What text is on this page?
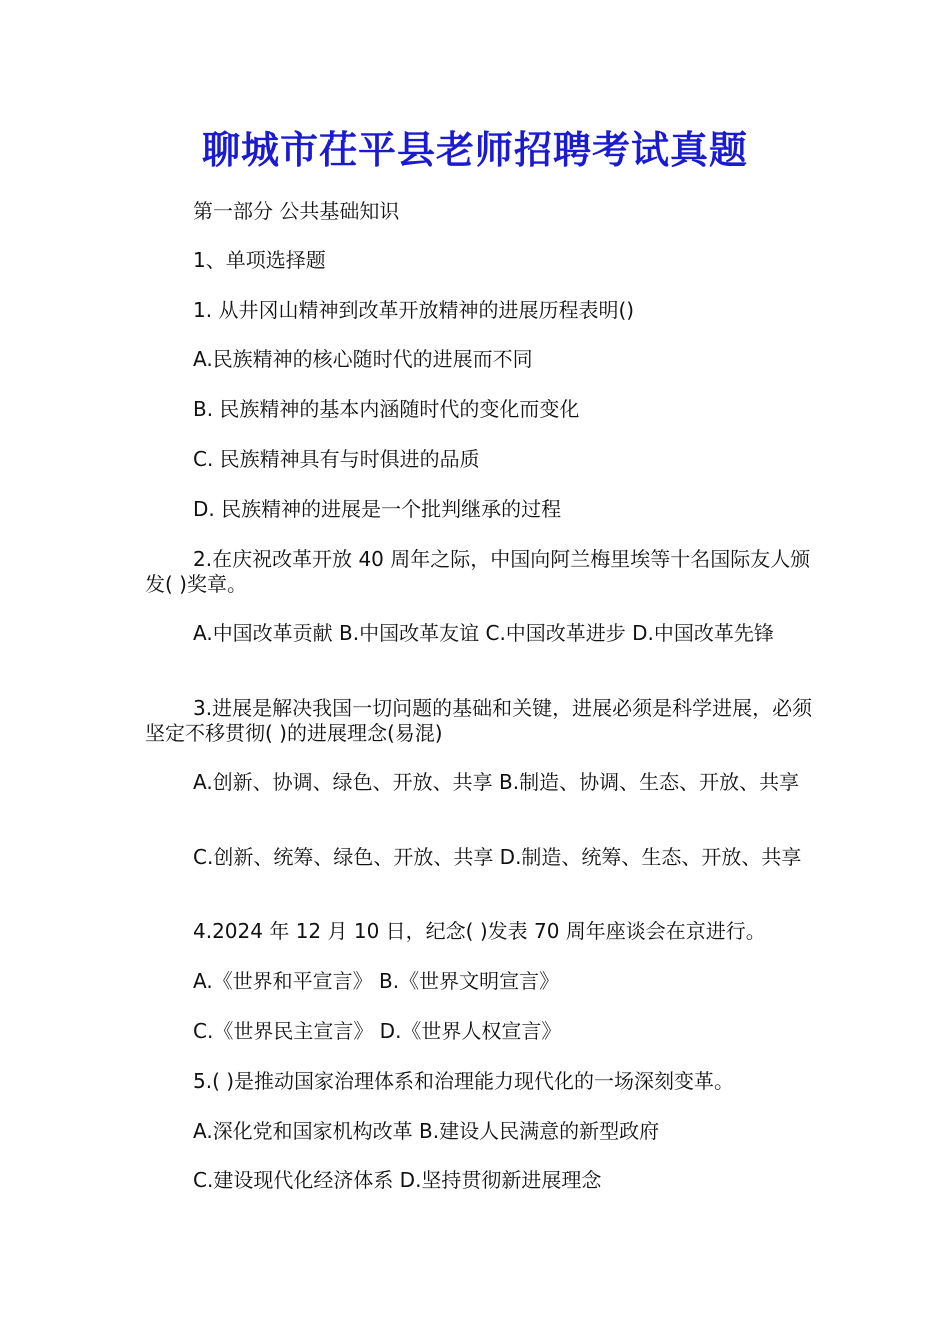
聊城市茌平县老师招聘考试真题
第一部分 公共基础知识
1、单项选择题
1. 从井冈山精神到改革开放精神的进展历程表明()
A.民族精神的核心随时代的进展而不同
B. 民族精神的基本内涵随时代的变化而变化
C. 民族精神具有与时俱进的品质
D. 民族精神的进展是一个批判继承的过程
2.在庆祝改革开放 40 周年之际，中国向阿兰梅里埃等十名国际友人颁发( )奖章。
A.中国改革贡献 B.中国改革友谊 C.中国改革进步 D.中国改革先锋
3.进展是解决我国一切问题的基础和关键，进展必须是科学进展，必须坚定不移贯彻( )的进展理念(易混)
A.创新、协调、绿色、开放、共享 B.制造、协调、生态、开放、共享
C.创新、统筹、绿色、开放、共享 D.制造、统筹、生态、开放、共享
4.2024 年 12 月 10 日，纪念( )发表 70 周年座谈会在京进行。
A.《世界和平宣言》 B.《世界文明宣言》
C.《世界民主宣言》 D.《世界人权宣言》
5.( )是推动国家治理体系和治理能力现代化的一场深刻变革。
A.深化党和国家机构改革 B.建设人民满意的新型政府
C.建设现代化经济体系 D.坚持贯彻新进展理念
